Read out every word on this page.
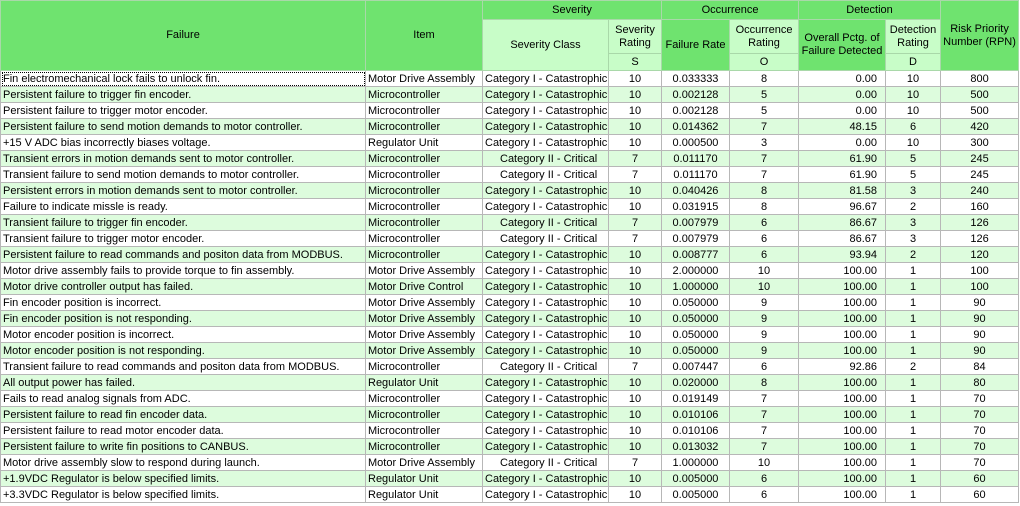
Failure	Item	Severity		Occurrence		Detection		Risk Priority Number (RPN)
		Severity Class	Severity Rating	Failure Rate	Occurrence Rating	Overall Pctg. of Failure Detected	Detection Rating	
			S		O		D	
Fin electromechanical lock fails to unlock fin.	Motor Drive Assembly	Category I - Catastrophic	10	0.033333	8	0.00	10	800
Persistent failure to trigger fin encoder.	Microcontroller	Category I - Catastrophic	10	0.002128	5	0.00	10	500
Persistent failure to trigger motor encoder.	Microcontroller	Category I - Catastrophic	10	0.002128	5	0.00	10	500
Persistent failure to send motion demands to motor controller.	Microcontroller	Category I - Catastrophic	10	0.014362	7	48.15	6	420
+15 V ADC bias incorrectly biases voltage.	Regulator Unit	Category I - Catastrophic	10	0.000500	3	0.00	10	300
Transient errors in motion demands sent to motor controller.	Microcontroller	Category II - Critical	7	0.011170	7	61.90	5	245
Transient failure to send motion demands to motor controller.	Microcontroller	Category II - Critical	7	0.011170	7	61.90	5	245
Persistent errors in motion demands sent to motor controller.	Microcontroller	Category I - Catastrophic	10	0.040426	8	81.58	3	240
Failure to indicate missle is ready.	Microcontroller	Category I - Catastrophic	10	0.031915	8	96.67	2	160
Transient failure to trigger fin encoder.	Microcontroller	Category II - Critical	7	0.007979	6	86.67	3	126
Transient failure to trigger motor encoder.	Microcontroller	Category II - Critical	7	0.007979	6	86.67	3	126
Persistent failure to read commands and positon data from MODBUS.	Microcontroller	Category I - Catastrophic	10	0.008777	6	93.94	2	120
Motor drive assembly fails to provide torque to fin assembly.	Motor Drive Assembly	Category I - Catastrophic	10	2.000000	10	100.00	1	100
Motor drive controller output has failed.	Motor Drive Control	Category I - Catastrophic	10	1.000000	10	100.00	1	100
Fin encoder position is incorrect.	Motor Drive Assembly	Category I - Catastrophic	10	0.050000	9	100.00	1	90
Fin encoder position is not responding.	Motor Drive Assembly	Category I - Catastrophic	10	0.050000	9	100.00	1	90
Motor encoder position is incorrect.	Motor Drive Assembly	Category I - Catastrophic	10	0.050000	9	100.00	1	90
Motor encoder position is not responding.	Motor Drive Assembly	Category I - Catastrophic	10	0.050000	9	100.00	1	90
Transient failure to read commands and positon data from MODBUS.	Microcontroller	Category II - Critical	7	0.007447	6	92.86	2	84
All output power has failed.	Regulator Unit	Category I - Catastrophic	10	0.020000	8	100.00	1	80
Fails to read analog signals from ADC.	Microcontroller	Category I - Catastrophic	10	0.019149	7	100.00	1	70
Persistent failure to read fin encoder data.	Microcontroller	Category I - Catastrophic	10	0.010106	7	100.00	1	70
Persistent failure to read motor encoder data.	Microcontroller	Category I - Catastrophic	10	0.010106	7	100.00	1	70
Persistent failure to write fin positions to CANBUS.	Microcontroller	Category I - Catastrophic	10	0.013032	7	100.00	1	70
Motor drive assembly slow to respond during launch.	Motor Drive Assembly	Category II - Critical	7	1.000000	10	100.00	1	70
+1.9VDC Regulator is below specified limits.	Regulator Unit	Category I - Catastrophic	10	0.005000	6	100.00	1	60
+3.3VDC Regulator is below specified limits.	Regulator Unit	Category I - Catastrophic	10	0.005000	6	100.00	1	60
